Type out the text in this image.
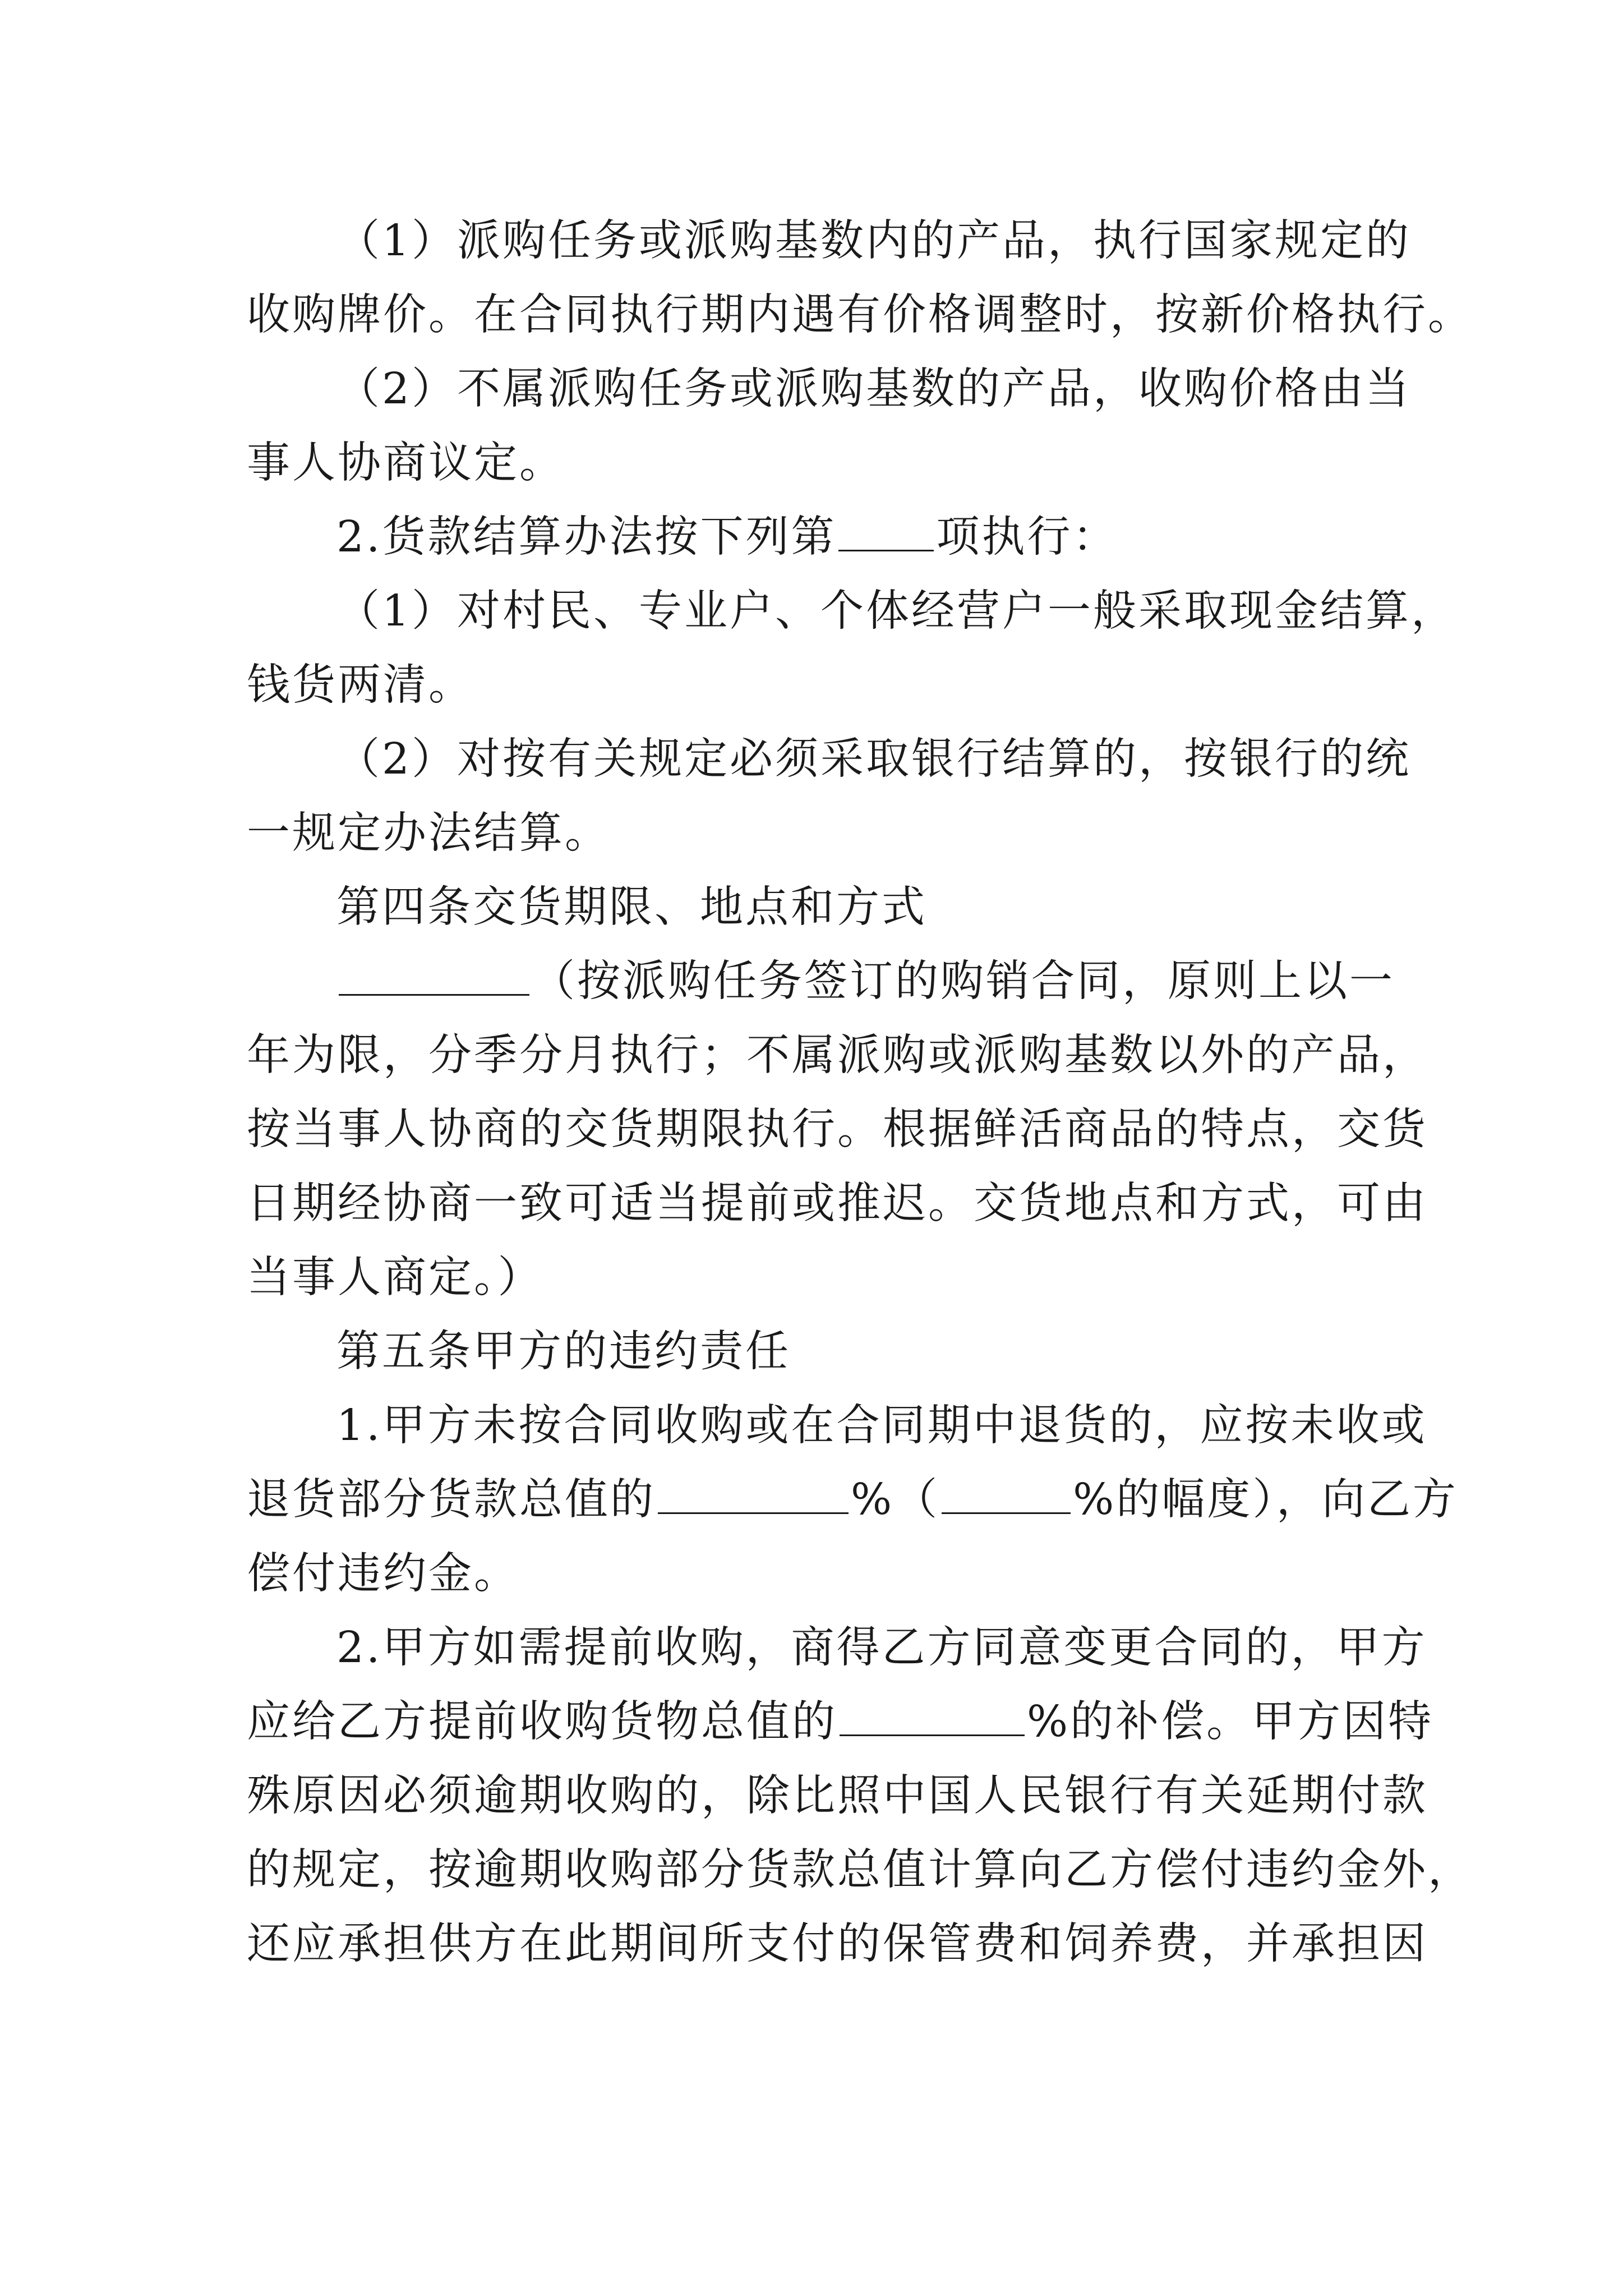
（1）派购任务或派购基数内的产品，执行国家规定的
收购牌价。在合同执行期内遇有价格调整时，按新价格执行。
（2）不属派购任务或派购基数的产品，收购价格由当
事人协商议定。
2.货款结算办法按下列第 项执行：
（1）对村民、专业户、个体经营户一般采取现金结算，
钱货两清。
（2）对按有关规定必须采取银行结算的，按银行的统
一规定办法结算。
第四条交货期限、地点和方式
（按派购任务签订的购销合同，原则上以一
年为限，分季分月执行；不属派购或派购基数以外的产品，
按当事人协商的交货期限执行。根据鲜活商品的特点，交货
日期经协商一致可适当提前或推迟。交货地点和方式，可由
当事人商定。）
第五条甲方的违约责任
1.甲方未按合同收购或在合同期中退货的，应按未收或
退货部分货款总值的	%（	%的幅度），向乙方
偿付违约金。
2.甲方如需提前收购，商得乙方同意变更合同的，甲方
应给乙方提前收购货物总值的	%的补偿。甲方因特
殊原因必须逾期收购的，除比照中国人民银行有关延期付款
的规定，按逾期收购部分货款总值计算向乙方偿付违约金外，
还应承担供方在此期间所支付的保管费和饲养费，并承担因
